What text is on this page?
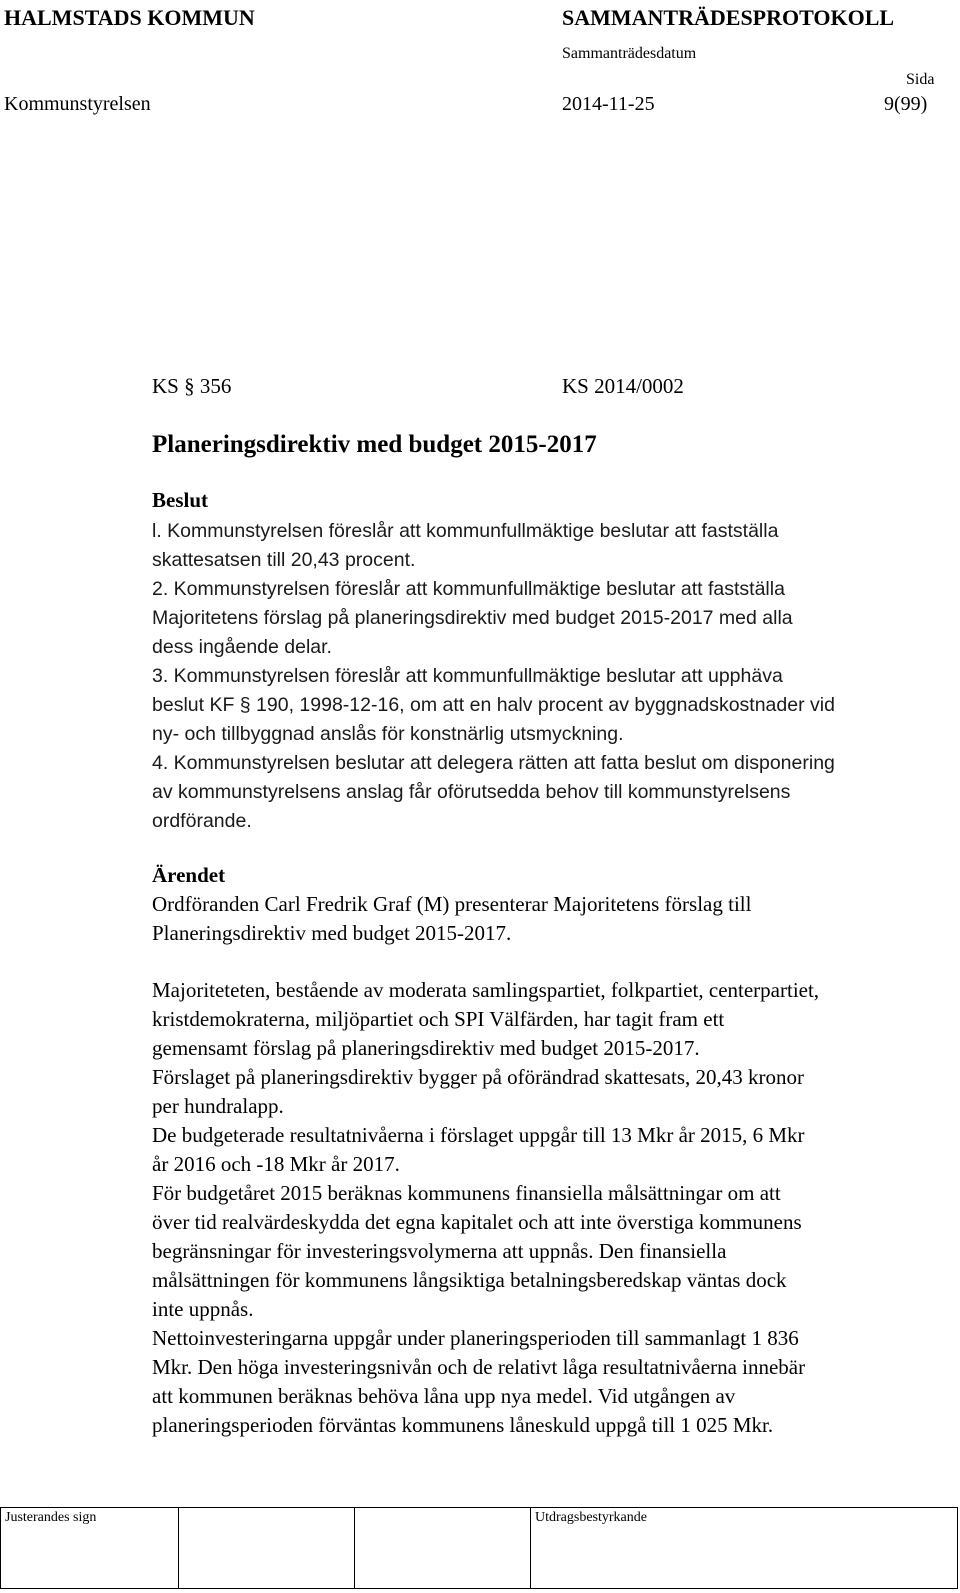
HALMSTADS KOMMUN	SAMMANTRÄDESPROTOKOLL
Sammanträdesdatum
Sida
Kommunstyrelsen	2014-11-25	9(99)
KS § 356	KS 2014/0002
Planeringsdirektiv med budget 2015-2017
Beslut
l. Kommunstyrelsen föreslår att kommunfullmäktige beslutar att fastställa
skattesatsen till 20,43 procent.
2. Kommunstyrelsen föreslår att kommunfullmäktige beslutar att fastställa
Majoritetens förslag på planeringsdirektiv med budget 2015-2017 med alla
dess ingående delar.
3. Kommunstyrelsen föreslår att kommunfullmäktige beslutar att upphäva
beslut KF § 190, 1998-12-16, om att en halv procent av byggnadskostnader vid
ny- och tillbyggnad anslås för konstnärlig utsmyckning.
4. Kommunstyrelsen beslutar att delegera rätten att fatta beslut om disponering
av kommunstyrelsens anslag får oförutsedda behov till kommunstyrelsens
ordförande.
Ärendet
Ordföranden Carl Fredrik Graf (M) presenterar Majoritetens förslag till
Planeringsdirektiv med budget 2015-2017.
Majoriteteten, bestående av moderata samlingspartiet, folkpartiet, centerpartiet,
kristdemokraterna, miljöpartiet och SPI Välfärden, har tagit fram ett
gemensamt förslag på planeringsdirektiv med budget 2015-2017.
Förslaget på planeringsdirektiv bygger på oförändrad skattesats, 20,43 kronor
per hundralapp.
De budgeterade resultatnivåerna i förslaget uppgår till 13 Mkr år 2015, 6 Mkr
år 2016 och -18 Mkr år 2017.
För budgetåret 2015 beräknas kommunens finansiella målsättningar om att
över tid realvärdeskydda det egna kapitalet och att inte överstiga kommunens
begränsningar för investeringsvolymerna att uppnås. Den finansiella
målsättningen för kommunens långsiktiga betalningsberedskap väntas dock
inte uppnås.
Nettoinvesteringarna uppgår under planeringsperioden till sammanlagt 1 836
Mkr. Den höga investeringsnivån och de relativt låga resultatnivåerna innebär
att kommunen beräknas behöva låna upp nya medel. Vid utgången av
planeringsperioden förväntas kommunens låneskuld uppgå till 1 025 Mkr.
Justerandes sign			Utdragsbestyrkande
